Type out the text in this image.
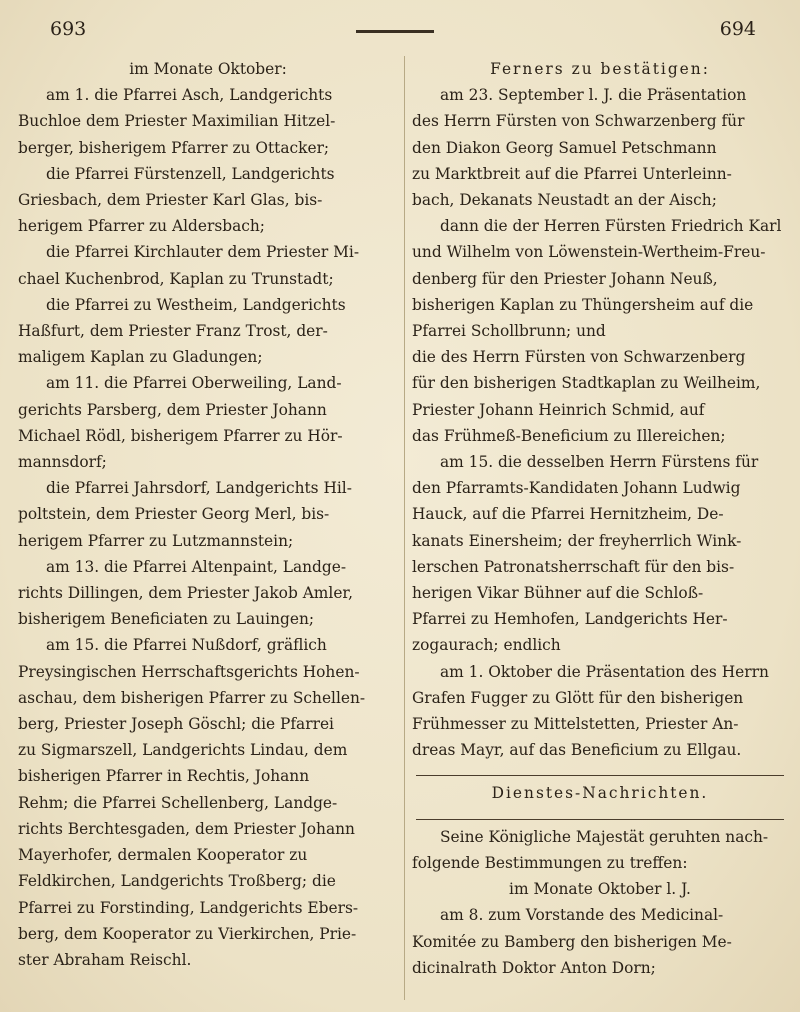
693	694
im Monate Oktober:
am 1. die Pfarrei Asch, Landgerichts
Buchloe dem Priester Maximilian Hitzel-
berger, bisherigem Pfarrer zu Ottacker;
die Pfarrei Fürstenzell, Landgerichts
Griesbach, dem Priester Karl Glas, bis-
herigem Pfarrer zu Aldersbach;
die Pfarrei Kirchlauter dem Priester Mi-
chael Kuchenbrod, Kaplan zu Trunstadt;
die Pfarrei zu Westheim, Landgerichts
Haßfurt, dem Priester Franz Trost, der-
maligem Kaplan zu Gladungen;
am 11. die Pfarrei Oberweiling, Land-
gerichts Parsberg, dem Priester Johann
Michael Rödl, bisherigem Pfarrer zu Hör-
mannsdorf;
die Pfarrei Jahrsdorf, Landgerichts Hil-
poltstein, dem Priester Georg Merl, bis-
herigem Pfarrer zu Lutzmannstein;
am 13. die Pfarrei Altenpaint, Landge-
richts Dillingen, dem Priester Jakob Amler,
bisherigem Beneficiaten zu Lauingen;
am 15. die Pfarrei Nußdorf, gräflich
Preysingischen Herrschaftsgerichts Hohen-
aschau, dem bisherigen Pfarrer zu Schellen-
berg, Priester Joseph Göschl; die Pfarrei
zu Sigmarszell, Landgerichts Lindau, dem
bisherigen Pfarrer in Rechtis, Johann
Rehm; die Pfarrei Schellenberg, Landge-
richts Berchtesgaden, dem Priester Johann
Mayerhofer, dermalen Kooperator zu
Feldkirchen, Landgerichts Troßberg; die
Pfarrei zu Forstinding, Landgerichts Ebers-
berg, dem Kooperator zu Vierkirchen, Prie-
ster Abraham Reischl.
Ferners zu bestätigen:
am 23. September l. J. die Präsentation
des Herrn Fürsten von Schwarzenberg für
den Diakon Georg Samuel Petschmann
zu Marktbreit auf die Pfarrei Unterleinn-
bach, Dekanats Neustadt an der Aisch;
dann die der Herren Fürsten Friedrich Karl
und Wilhelm von Löwenstein-Wertheim-Freu-
denberg für den Priester Johann Neuß,
bisherigen Kaplan zu Thüngersheim auf die
Pfarrei Schollbrunn; und
die des Herrn Fürsten von Schwarzenberg
für den bisherigen Stadtkaplan zu Weilheim,
Priester Johann Heinrich Schmid, auf
das Frühmeß-Beneficium zu Illereichen;
am 15. die desselben Herrn Fürstens für
den Pfarramts-Kandidaten Johann Ludwig
Hauck, auf die Pfarrei Hernitzheim, De-
kanats Einersheim; der freyherrlich Wink-
lerschen Patronatsherrschaft für den bis-
herigen Vikar Bühner auf die Schloß-
Pfarrei zu Hemhofen, Landgerichts Her-
zogaurach; endlich
am 1. Oktober die Präsentation des Herrn
Grafen Fugger zu Glött für den bisherigen
Frühmesser zu Mittelstetten, Priester An-
dreas Mayr, auf das Beneficium zu Ellgau.
Dienstes-Nachrichten.
Seine Königliche Majestät geruhten nach-
folgende Bestimmungen zu treffen:
im Monate Oktober l. J.
am 8. zum Vorstande des Medicinal-
Komitée zu Bamberg den bisherigen Me-
dicinalrath Doktor Anton Dorn;
